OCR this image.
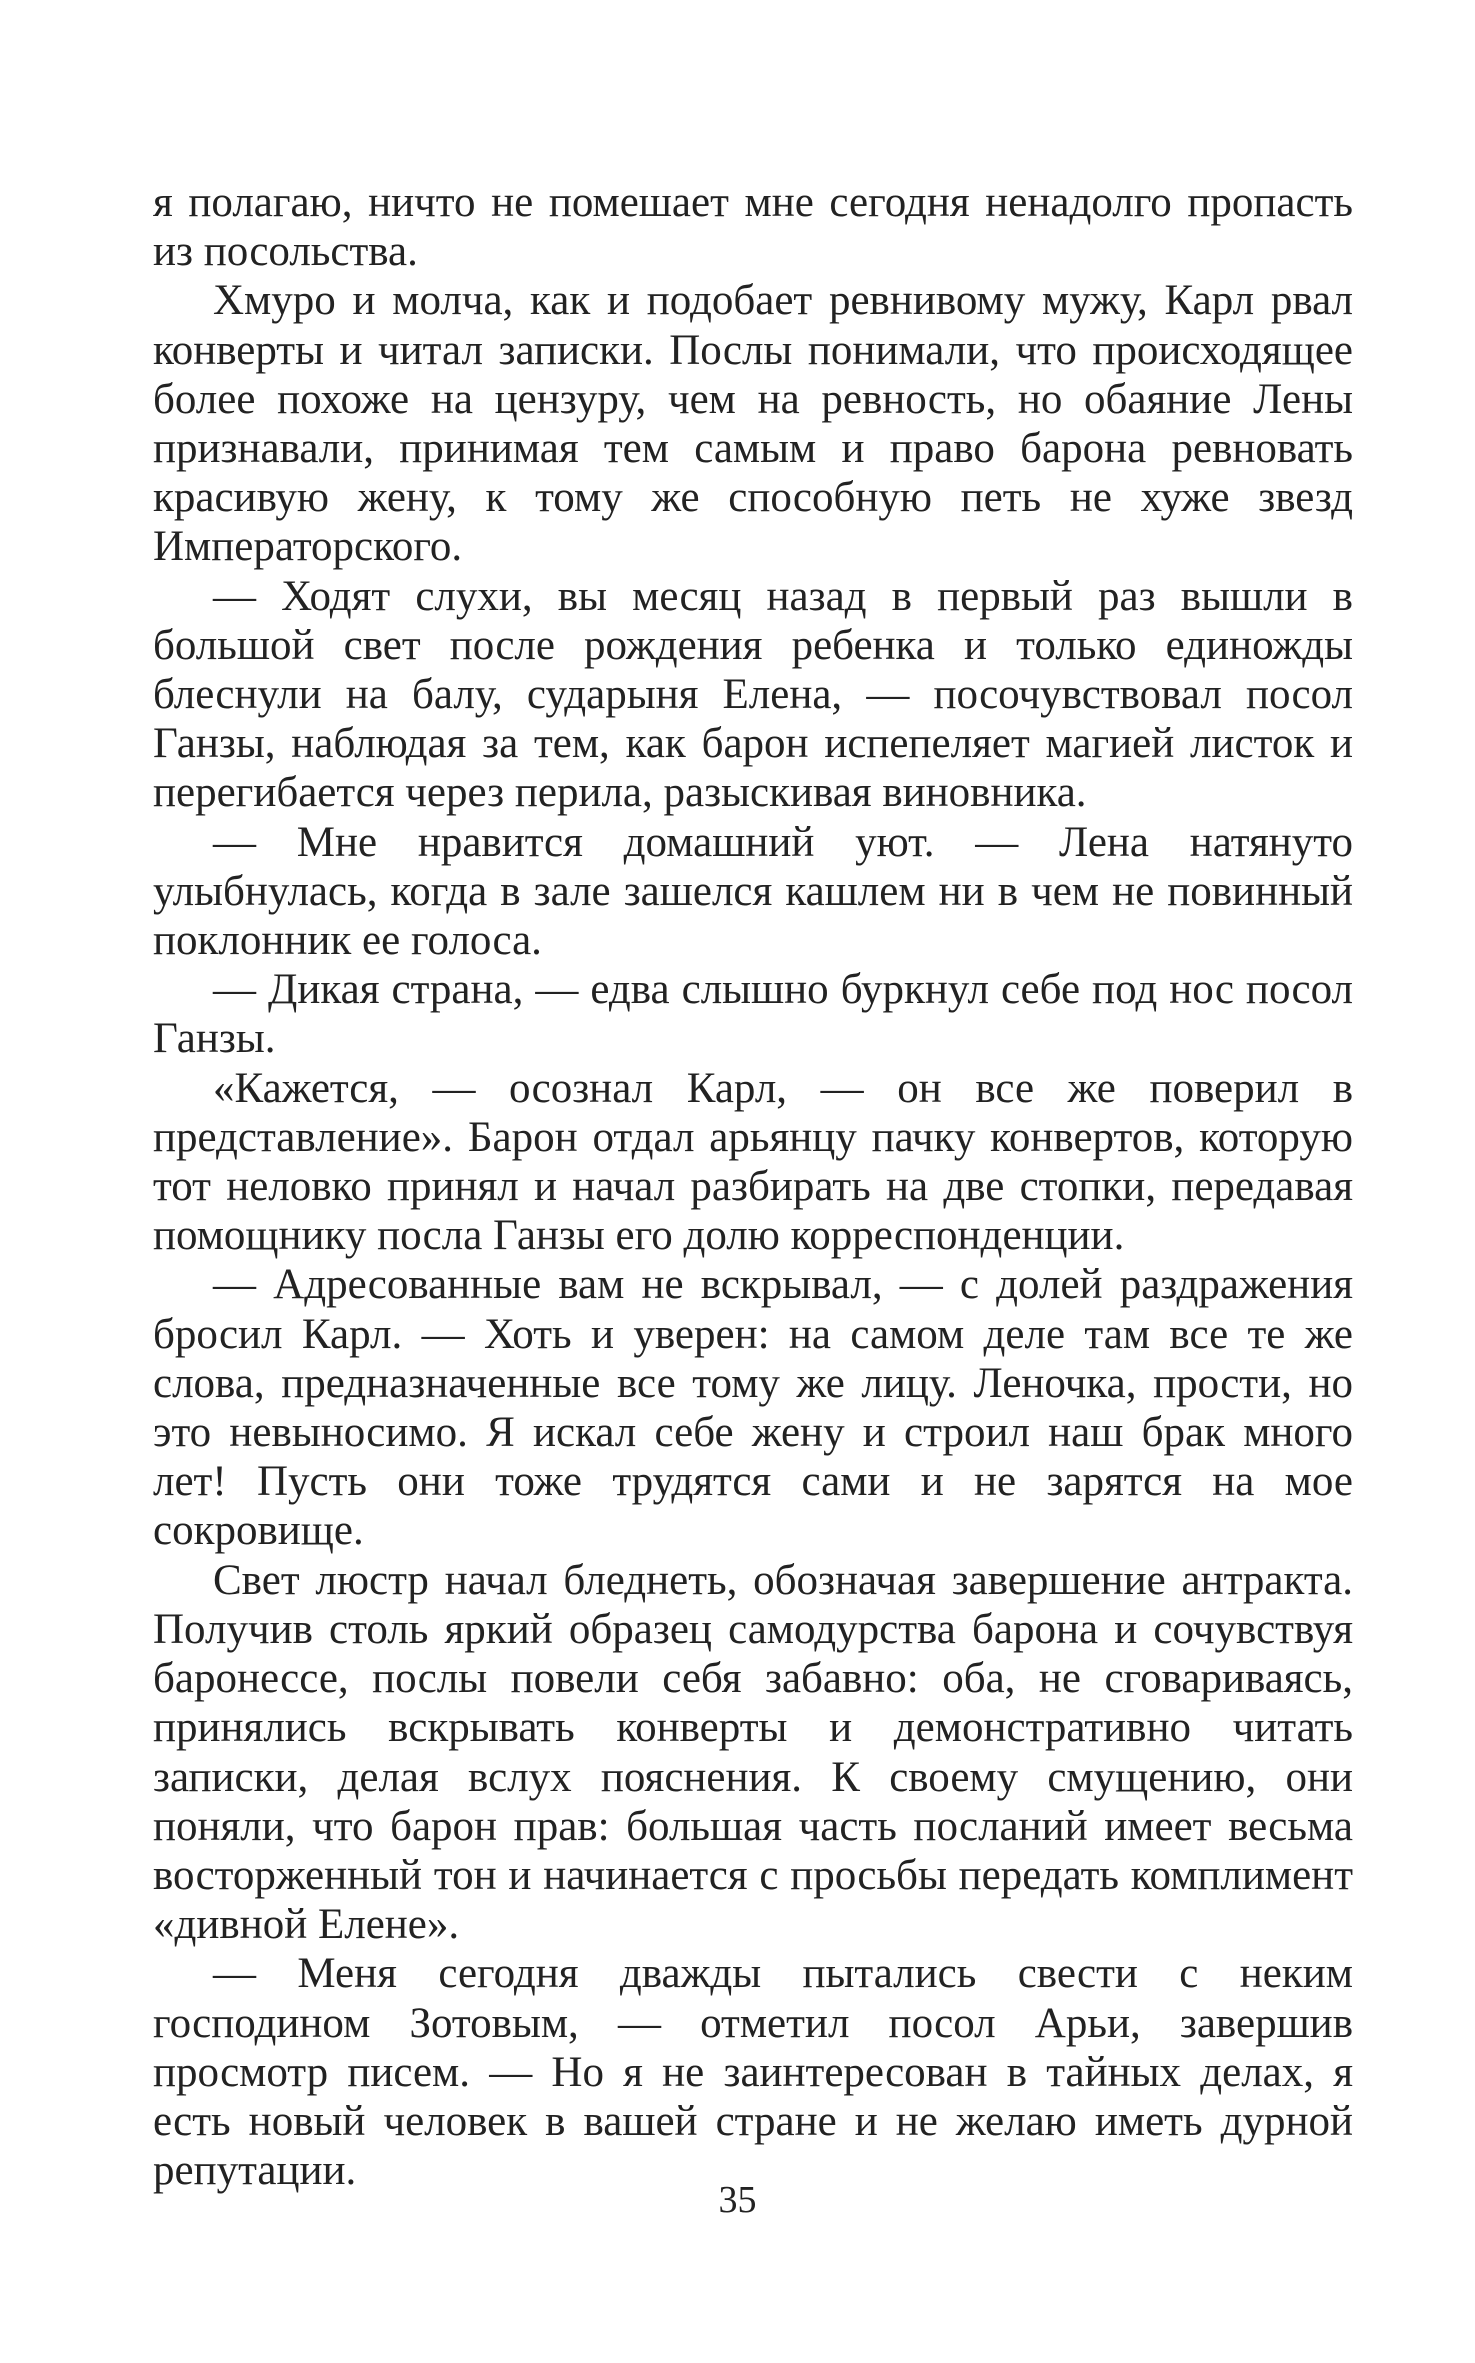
я полагаю, ничто не помешает мне сегодня ненадолго пропасть из посольства.

Хмуро и молча, как и подобает ревнивому мужу, Карл рвал конверты и читал записки. Послы понимали, что происходящее более похоже на цензуру, чем на ревность, но обаяние Лены признавали, принимая тем самым и право барона ревновать красивую жену, к тому же способную петь не хуже звезд Императорского.

— Ходят слухи, вы месяц назад в первый раз вышли в большой свет после рождения ребенка и только единожды блеснули на балу, сударыня Елена, — посочувствовал посол Ганзы, наблюдая за тем, как барон испепеляет магией листок и перегибается через перила, разыскивая виновника.

— Мне нравится домашний уют. — Лена натянуто улыбнулась, когда в зале зашелся кашлем ни в чем не повинный поклонник ее голоса.

— Дикая страна, — едва слышно буркнул себе под нос посол Ганзы.

«Кажется, — осознал Карл, — он все же поверил в представление». Барон отдал арьянцу пачку конвертов, которую тот неловко принял и начал разбирать на две стопки, передавая помощнику посла Ганзы его долю корреспонденции.

— Адресованные вам не вскрывал, — с долей раздражения бросил Карл. — Хоть и уверен: на самом деле там все те же слова, предназначенные все тому же лицу. Леночка, прости, но это невыносимо. Я искал себе жену и строил наш брак много лет! Пусть они тоже трудятся сами и не зарятся на мое сокровище.

Свет люстр начал бледнеть, обозначая завершение антракта. Получив столь яркий образец самодурства барона и сочувствуя баронессе, послы повели себя забавно: оба, не сговариваясь, принялись вскрывать конверты и демонстративно читать записки, делая вслух пояснения. К своему смущению, они поняли, что барон прав: большая часть посланий имеет весьма восторженный тон и начинается с просьбы передать комплимент «дивной Елене».

— Меня сегодня дважды пытались свести с неким господином Зотовым, — отметил посол Арьи, завершив просмотр писем. — Но я не заинтересован в тайных делах, я есть новый человек в вашей стране и не желаю иметь дурной репутации.

35
